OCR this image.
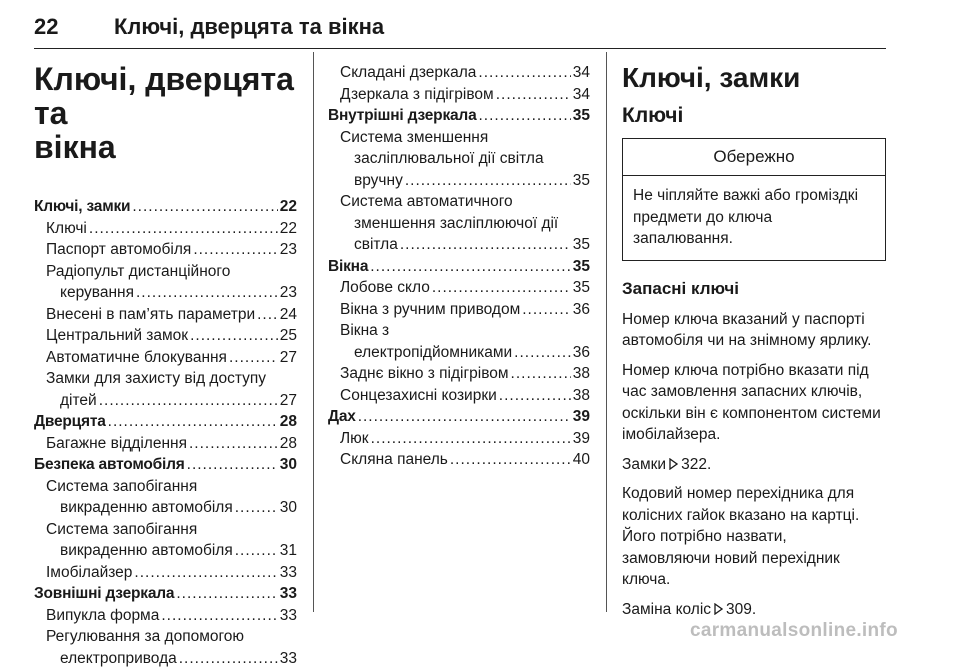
22	Ключі, дверцята та вікна
Ключі, дверцята та
вікна
Ключі, замки .....	22
Ключі .....	22
Паспорт автомобіля .....	23
Радіопульт дистанційного
керування .....	23
Внесені в пам’ять параметри ..... 24
Центральний замок .....	25
Автоматичне блокування .....	27
Замки для захисту від доступу
дітей .....	27
Дверцята .....	28
Багажне відділення .....	28
Безпека автомобіля .....	30
Система запобігання
викраденню автомобіля .....	30
Система запобігання
викраденню автомобіля .....	31
Імобілайзер .....	33
Зовнішні дзеркала .....	33
Випукла форма .....	33
Регулювання за допомогою
електропривода .....	33
Складані дзеркала .....	34
Дзеркала з підігрівом .....	34
Внутрішні дзеркала .....	35
Система зменшення
засліплювальної дії світла
вручну .....	35
Система автоматичного
зменшення засліплюючої дії
світла .....	35
Вікна .....	35
Лобове скло .....	35
Вікна з ручним приводом .....	36
Вікна з
електропідйомниками .....	36
Заднє вікно з підігрівом .....	38
Сонцезахисні козирки .....	38
Дах .....	39
Люк .....	39
Скляна панель .....	40
Ключі, замки
Ключі
Обережно
Не чіпляйте важкі або громіздкі
предмети до ключа
запалювання.
Запасні ключі
Номер ключа вказаний у паспорті
автомобіля чи на знімному ярлику.
Номер ключа потрібно вказати під
час замовлення запасних ключів,
оскільки він є компонентом системи
імобілайзера.
Замки 322.
Кодовий номер перехідника для
колісних гайок вказано на картці.
Його потрібно назвати,
замовляючи новий перехідник
ключа.
Заміна коліс 309.
carmanualsonline.info
